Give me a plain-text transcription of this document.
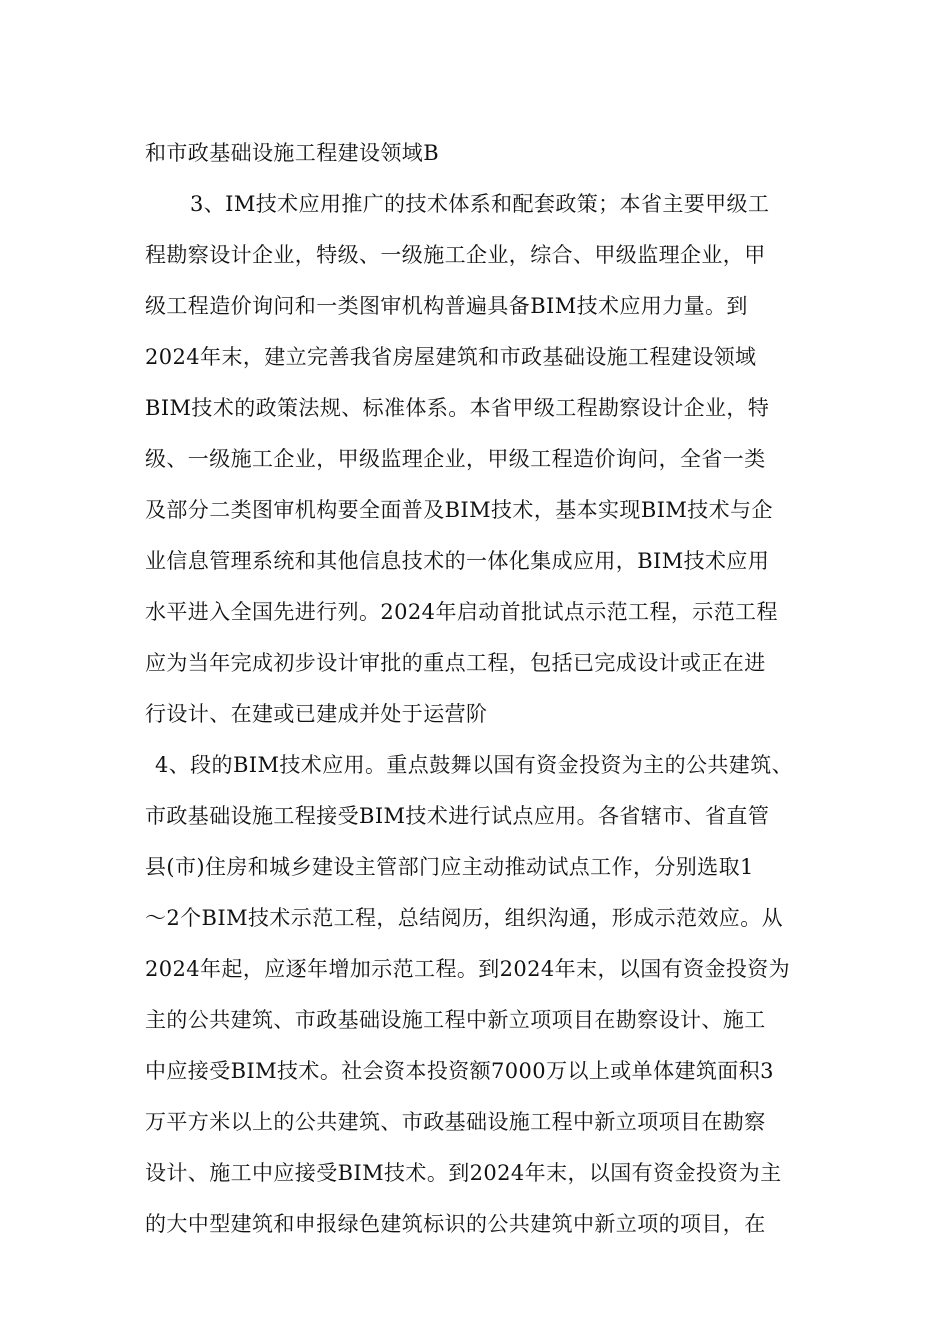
和市政基础设施工程建设领域B
3、IM技术应用推广的技术体系和配套政策；本省主要甲级工
程勘察设计企业，特级、一级施工企业，综合、甲级监理企业，甲
级工程造价询问和一类图审机构普遍具备BIM技术应用力量。到
2024年末，建立完善我省房屋建筑和市政基础设施工程建设领域
BIM技术的政策法规、标准体系。本省甲级工程勘察设计企业，特
级、一级施工企业，甲级监理企业，甲级工程造价询问，全省一类
及部分二类图审机构要全面普及BIM技术，基本实现BIM技术与企
业信息管理系统和其他信息技术的一体化集成应用，BIM技术应用
水平进入全国先进行列。2024年启动首批试点示范工程，示范工程
应为当年完成初步设计审批的重点工程，包括已完成设计或正在进
行设计、在建或已建成并处于运营阶
4、段的BIM技术应用。重点鼓舞以国有资金投资为主的公共建筑、
市政基础设施工程接受BIM技术进行试点应用。各省辖市、省直管
县(市)住房和城乡建设主管部门应主动推动试点工作，分别选取1
～2个BIM技术示范工程，总结阅历，组织沟通，形成示范效应。从
2024年起，应逐年增加示范工程。到2024年末，以国有资金投资为
主的公共建筑、市政基础设施工程中新立项项目在勘察设计、施工
中应接受BIM技术。社会资本投资额7000万以上或单体建筑面积3
万平方米以上的公共建筑、市政基础设施工程中新立项项目在勘察
设计、施工中应接受BIM技术。到2024年末，以国有资金投资为主
的大中型建筑和申报绿色建筑标识的公共建筑中新立项的项目，在
